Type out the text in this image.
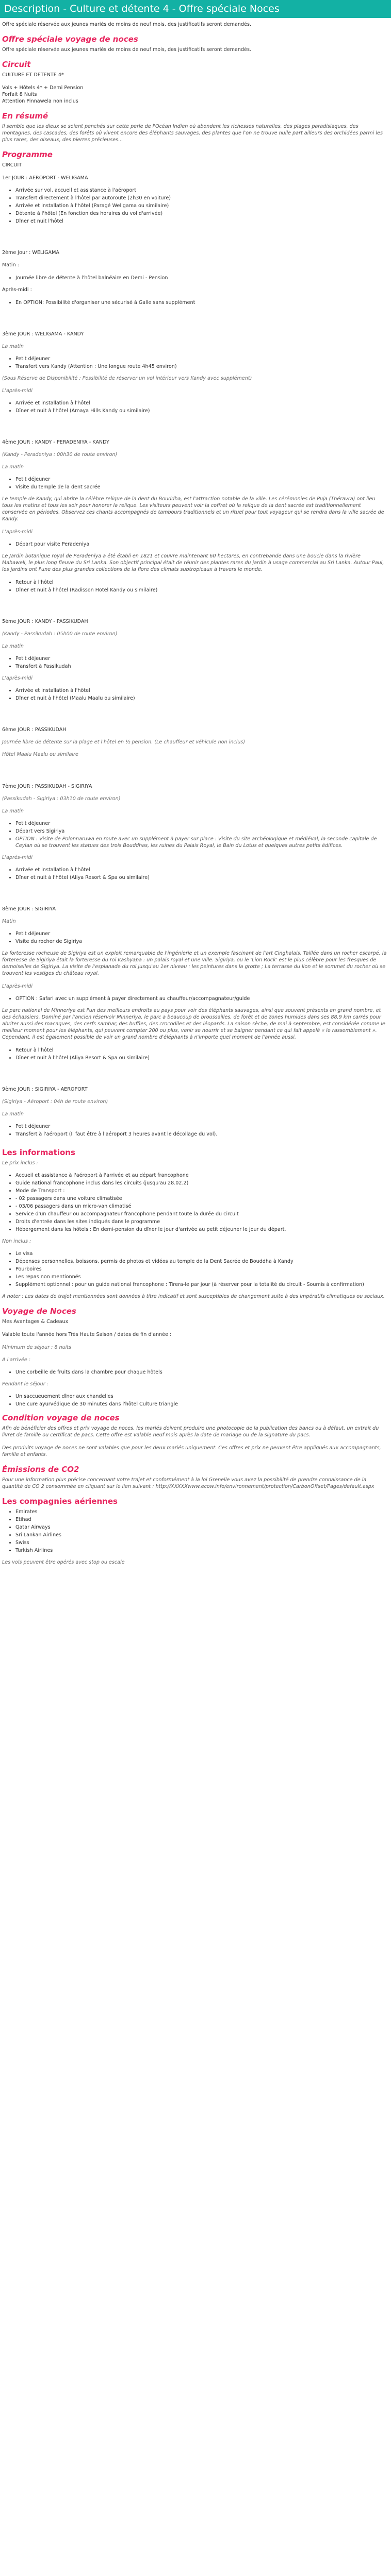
Description - Culture et détente 4 - Offre spéciale Noces

Offre spéciale réservée aux jeunes mariés de moins de neuf mois, des justificatifs seront demandés.

Offre spéciale voyage de noces

Offre spéciale réservée aux jeunes mariés de moins de neuf mois, des justificatifs seront demandés.

Circuit

CULTURE ET DETENTE 4*

Vols + Hôtels 4* + Demi Pension

Forfait 8 Nuits

Attention Pinnawela non inclus

En résumé

Il semble que les dieux se soient penchés sur cette perle de l'Océan Indien où abondent les richesses naturelles, des plages paradisiaques, des montagnes, des cascades, des forêts où vivent encore des éléphants sauvages, des plantes que l'on ne trouve nulle part ailleurs des orchidées parmi les plus rares, des oiseaux, des pierres précieuses...

Programme

CIRCUIT

1er JOUR : AEROPORT - WELIGAMA
• Arrivée sur vol, accueil et assistance à l'aéroport
• Transfert directement à l'hôtel par autoroute (2h30 en voiture)
• Arrivée et installation à l'hôtel (Paragé Weligama ou similaire)
• Détente à l'hôtel (En fonction des horaires du vol d'arrivée)
• Dîner et nuit l'hôtel
2ème Jour : WELIGAMA

Matin :

• Journée libre de détente à l'hôtel balnéaire en Demi - Pension

Après-midi :

• En OPTION: Possibilité d'organiser une sécurisé à Galle sans supplément
3ème JOUR : WELIGAMA - KANDY

La matin

• Petit déjeuner
• Transfert vers Kandy (Attention : Une longue route 4h45 environ)

(Sous Réserve de Disponibilité : Possibilité de réserver un vol intérieur vers Kandy avec supplément)

L'après-midi

• Arrivée et installation à l'hôtel
• Dîner et nuit à l'hôtel (Amaya Hills Kandy ou similaire)
4ème JOUR : KANDY - PERADENIYA - KANDY

(Kandy - Peradeniya : 00h30 de route environ)

La matin

• Petit déjeuner
• Visite du temple de la dent sacrée

Le temple de Kandy, qui abrite la célèbre relique de la dent du Bouddha, est l'attraction notable de la ville. Les cérémonies de Puja (Théravra) ont lieu tous les matins et tous les soir pour honorer la relique. Les visiteurs peuvent voir la coffret où la relique de la dent sacrée est traditionnellement conservée en périodes. Observez ces chants accompagnés de tambours traditionnels et un rituel pour tout voyageur qui se rendra dans la ville sacrée de Kandy.

L'après-midi

• Départ pour visite Peradeniya

Le Jardin botanique royal de Peradeniya a été établi en 1821 et couvre maintenant 60 hectares, en contrebande dans une boucle dans la rivière Mahaweli, le plus long fleuve du Sri Lanka. Son objectif principal était de réunir des plantes rares du jardin à usage commercial au Sri Lanka. Autour Paul, les jardins ont l'une des plus grandes collections de la flore des climats subtropicaux à travers le monde.

• Retour à l'hôtel
• Dîner et nuit à l'hôtel (Radisson Hotel Kandy ou similaire)
5ème JOUR : KANDY - PASSIKUDAH

(Kandy - Passikudah : 05h00 de route environ)

La matin

• Petit déjeuner
• Transfert à Passikudah

L'après-midi

• Arrivée et installation à l'hôtel
• Dîner et nuit à l'hôtel (Maalu Maalu ou similaire)
6ème JOUR : PASSIKUDAH

Journée libre de détente sur la plage et l'hôtel en ½ pension. (Le chauffeur et véhicule non inclus)

Hôtel Maalu Maalu ou similaire

7ème JOUR : PASSIKUDAH - SIGIRIYA

(Passikudah - Sigiriya : 03h10 de route environ)

La matin

• Petit déjeuner
• Départ vers Sigiriya
• OPTION : Visite de Polonnaruwa en route avec un supplément à payer sur place : Visite du site archéologique et médiéval, la seconde capitale de Ceylan où se trouvent les statues des trois Bouddhas, les ruines du Palais Royal, le Bain du Lotus et quelques autres petits édifices.

L'après-midi

• Arrivée et installation à l'hôtel
• Dîner et nuit à l'hôtel (Aliya Resort & Spa ou similaire)
8ème JOUR : SIGIRIYA

Matin

• Petit déjeuner
• Visite du rocher de Sigiriya

La forteresse rocheuse de Sigiriya est un exploit remarquable de l'ingénierie et un exemple fascinant de l'art Cinghalais. Taillée dans un rocher escarpé, la forteresse de Sigiriya était la forteresse du roi Kashyapa : un palais royal et une ville. Sigiriya, ou le 'Lion Rock' est le plus célèbre pour les fresques de demoiselles de Sigiriya. La visite de l'esplanade du roi jusqu'au 1er niveau : les peintures dans la grotte ; La terrasse du lion et le sommet du rocher où se trouvent les vestiges du château royal.

L'après-midi

• OPTION : Safari avec un supplément à payer directement au chauffeur/accompagnateur/guide

Le parc national de Minneriya est l'un des meilleurs endroits au pays pour voir des éléphants sauvages, ainsi que souvent présents en grand nombre, et des échassiers. Dominé par l'ancien réservoir Minneriya, le parc a beaucoup de broussailles, de forêt et de zones humides dans ses 88,9 km carrés pour abriter aussi des macaques, des cerfs sambar, des buffles, des crocodiles et des léopards. La saison sèche, de mai à septembre, est considérée comme le meilleur moment pour les éléphants, qui peuvent compter 200 ou plus, venir se nourrir et se baigner pendant ce qui fait appelé « le rassemblement ». Cependant, il est également possible de voir un grand nombre d'éléphants à n'importe quel moment de l'année aussi.

• Retour à l'hôtel
• Dîner et nuit à l'hôtel (Aliya Resort & Spa ou similaire)
9ème JOUR : SIGIRIYA - AEROPORT

(Sigiriya - Aéroport : 04h de route environ)

La matin

• Petit déjeuner
• Transfert à l'aéroport (Il faut être à l'aéroport 3 heures avant le décollage du vol).
Les informations

Le prix inclus :

• Accueil et assistance à l'aéroport à l'arrivée et au départ francophone
• Guide national francophone inclus dans les circuits (jusqu'au 28.02.2)
• Mode de Transport :
• - 02 passagers dans une voiture climatisée
• - 03/06 passagers dans un micro-van climatisé
• Service d'un chauffeur ou accompagnateur francophone pendant toute la durée du circuit
• Droits d'entrée dans les sites indiqués dans le programme
• Hébergement dans les hôtels : En demi-pension du dîner le jour d'arrivée au petit déjeuner le jour du départ.

Non inclus :

• Le visa
• Dépenses personnelles, boissons, permis de photos et vidéos au temple de la Dent Sacrée de Bouddha à Kandy
• Pourboires
• Les repas non mentionnés
• Supplément optionnel : pour un guide national francophone : Tirera-le par jour (à réserver pour la totalité du circuit - Soumis à confirmation)

A noter : Les dates de trajet mentionnées sont données à titre indicatif et sont susceptibles de changement suite à des impératifs climatiques ou sociaux.

Voyage de Noces

Mes Avantages & Cadeaux

Valable toute l'année hors Très Haute Saison / dates de fin d'année :

Minimum de séjour : 8 nuits

A l'arrivée :

• Une corbeille de fruits dans la chambre pour chaque hôtels

Pendant le séjour :

• Un saccueuement dîner aux chandelles
• Une cure ayurvédique de 30 minutes dans l'hôtel Culture triangle
Condition voyage de noces

Afin de bénéficier des offres et prix voyage de noces, les mariés doivent produire une photocopie de la publication des bancs ou à défaut, un extrait du livret de famille ou certificat de pacs. Cette offre est valable neuf mois après la date de mariage ou de la signature du pacs.

Des produits voyage de noces ne sont valables que pour les deux mariés uniquement. Ces offres et prix ne peuvent être appliqués aux accompagnants, famille et enfants.

Émissions de CO2

Pour une information plus précise concernant votre trajet et conformément à la loi Grenelle vous avez la possibilité de prendre connaissance de la quantité de CO 2 consommée en cliquant sur le lien suivant : http://XXXXXwww.ecow.info/environnement/protection/CarbonOffset/Pages/default.aspx

Les compagnies aériennes
• Emirates
• Etihad
• Qatar Airways
• Sri Lankan Airlines
• Swiss
• Turkish Airlines

Les vols peuvent être opérés avec stop ou escale
